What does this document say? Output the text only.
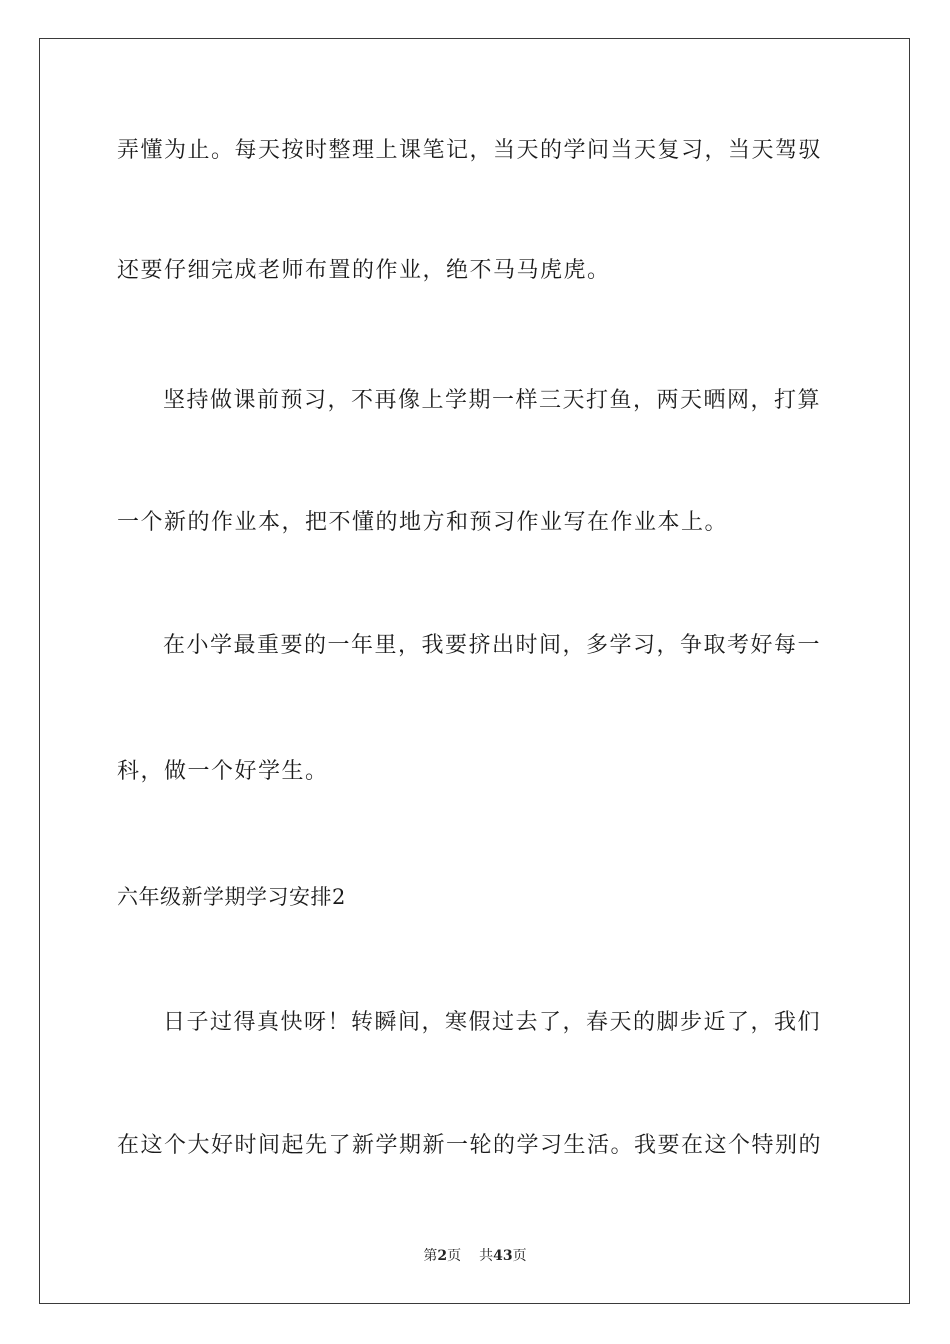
弄懂为止。每天按时整理上课笔记，当天的学问当天复习，当天驾驭
还要仔细完成老师布置的作业，绝不马马虎虎。
坚持做课前预习，不再像上学期一样三天打鱼，两天晒网，打算
一个新的作业本，把不懂的地方和预习作业写在作业本上。
在小学最重要的一年里，我要挤出时间，多学习，争取考好每一
科，做一个好学生。
六年级新学期学习安排2
日子过得真快呀！转瞬间，寒假过去了，春天的脚步近了，我们
在这个大好时间起先了新学期新一轮的学习生活。我要在这个特别的
第2页 共43页
